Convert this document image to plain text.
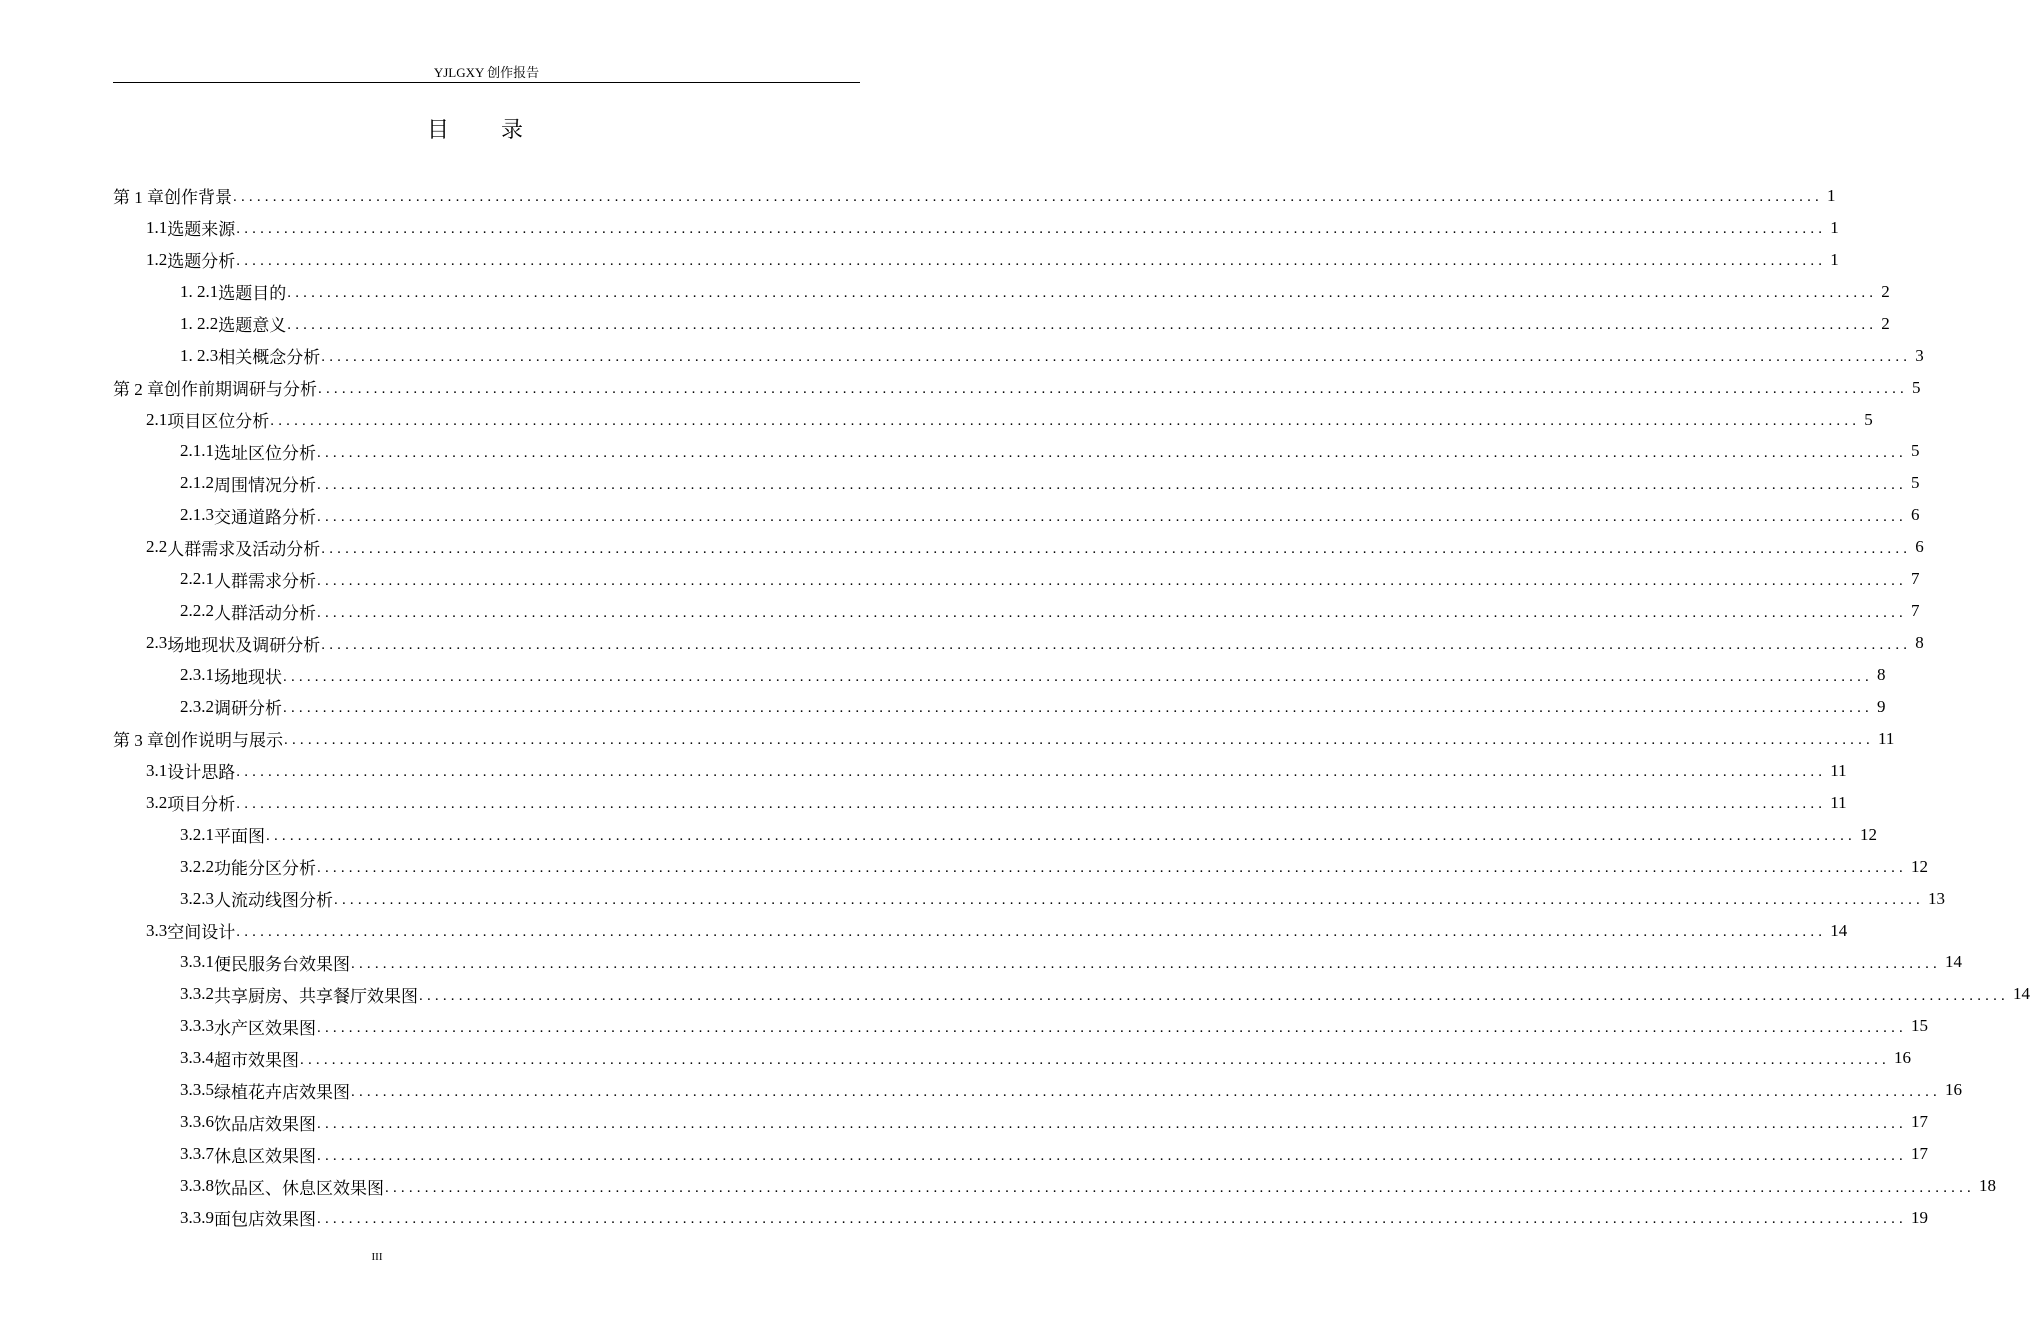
YJLGXY 创作报告
目 录
第 1 章 创作背景 ........................................................................................................................................................................................................ 1
1.1 选题来源 ........................................................................................................................................................................................................ 1
1.2 选题分析 ........................................................................................................................................................................................................ 1
1. 2.1 选题目的 ........................................................................................................................................................................................................ 2
1. 2.2 选题意义 ........................................................................................................................................................................................................ 2
1. 2.3 相关概念分析 ........................................................................................................................................................................................................ 3
第 2 章 创作前期调研与分析 ........................................................................................................................................................................................................ 5
2.1 项目区位分析 ........................................................................................................................................................................................................ 5
2.1.1 选址区位分析 ........................................................................................................................................................................................................ 5
2.1.2 周围情况分析 ........................................................................................................................................................................................................ 5
2.1.3 交通道路分析 ........................................................................................................................................................................................................ 6
2.2 人群需求及活动分析 ........................................................................................................................................................................................................ 6
2.2.1 人群需求分析 ........................................................................................................................................................................................................ 7
2.2.2 人群活动分析 ........................................................................................................................................................................................................ 7
2.3 场地现状及调研分析 ........................................................................................................................................................................................................ 8
2.3.1 场地现状 ........................................................................................................................................................................................................ 8
2.3.2 调研分析 ........................................................................................................................................................................................................ 9
第 3 章 创作说明与展示 ........................................................................................................................................................................................................ 11
3.1 设计思路 ........................................................................................................................................................................................................ 11
3.2 项目分析 ........................................................................................................................................................................................................ 11
3.2.1 平面图 ........................................................................................................................................................................................................ 12
3.2.2 功能分区分析 ........................................................................................................................................................................................................ 12
3.2.3 人流动线图分析 ........................................................................................................................................................................................................ 13
3.3 空间设计 ........................................................................................................................................................................................................ 14
3.3.1 便民服务台效果图 ........................................................................................................................................................................................................ 14
3.3.2 共享厨房、共享餐厅效果图 ........................................................................................................................................................................................................ 14
3.3.3 水产区效果图 ........................................................................................................................................................................................................ 15
3.3.4 超市效果图 ........................................................................................................................................................................................................ 16
3.3.5 绿植花卉店效果图 ........................................................................................................................................................................................................ 16
3.3.6 饮品店效果图 ........................................................................................................................................................................................................ 17
3.3.7 休息区效果图 ........................................................................................................................................................................................................ 17
3.3.8 饮品区、休息区效果图 ........................................................................................................................................................................................................ 18
3.3.9 面包店效果图 ........................................................................................................................................................................................................ 19
III
